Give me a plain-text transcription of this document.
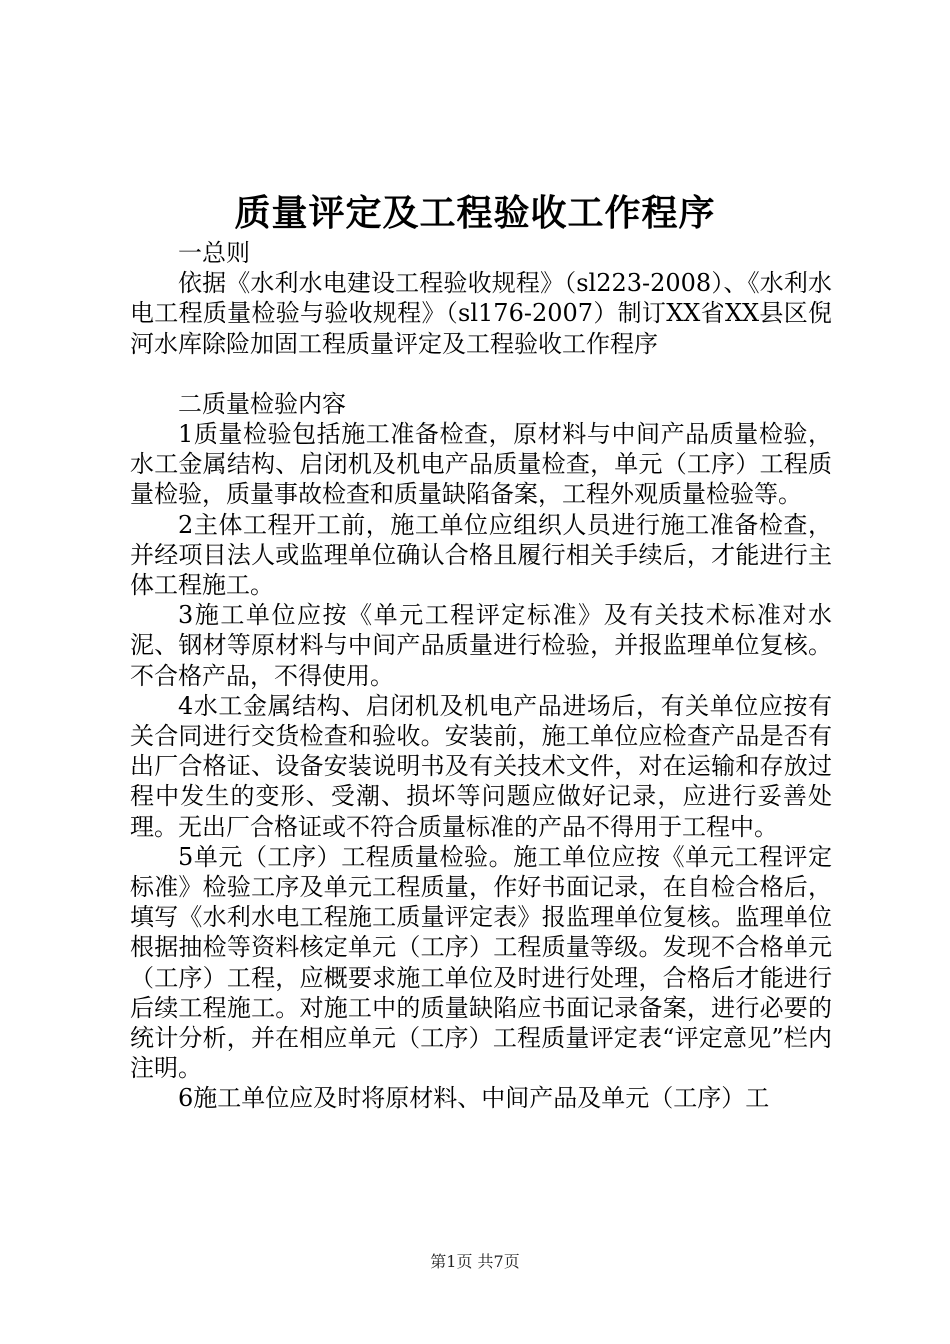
质量评定及工程验收工作程序

一总则

依据《水利水电建设工程验收规程》（sl223-2008）、《水利水电工程质量检验与验收规程》（sl176-2007）制订XX省XX县区倪河水库除险加固工程质量评定及工程验收工作程序

二质量检验内容

1质量检验包括施工准备检查，原材料与中间产品质量检验，水工金属结构、启闭机及机电产品质量检查，单元（工序）工程质量检验，质量事故检查和质量缺陷备案，工程外观质量检验等。

2主体工程开工前，施工单位应组织人员进行施工准备检查，并经项目法人或监理单位确认合格且履行相关手续后，才能进行主体工程施工。

3施工单位应按《单元工程评定标准》及有关技术标准对水泥、钢材等原材料与中间产品质量进行检验，并报监理单位复核。不合格产品，不得使用。

4水工金属结构、启闭机及机电产品进场后，有关单位应按有关合同进行交货检查和验收。安装前，施工单位应检查产品是否有出厂合格证、设备安装说明书及有关技术文件，对在运输和存放过程中发生的变形、受潮、损坏等问题应做好记录，应进行妥善处理。无出厂合格证或不符合质量标准的产品不得用于工程中。

5单元（工序）工程质量检验。施工单位应按《单元工程评定标准》检验工序及单元工程质量，作好书面记录，在自检合格后，填写《水利水电工程施工质量评定表》报监理单位复核。监理单位根据抽检等资料核定单元（工序）工程质量等级。发现不合格单元（工序）工程，应概要求施工单位及时进行处理，合格后才能进行后续工程施工。对施工中的质量缺陷应书面记录备案，进行必要的统计分析，并在相应单元（工序）工程质量评定表“评定意见”栏内注明。

6施工单位应及时将原材料、中间产品及单元（工序）工

第1页 共7页
